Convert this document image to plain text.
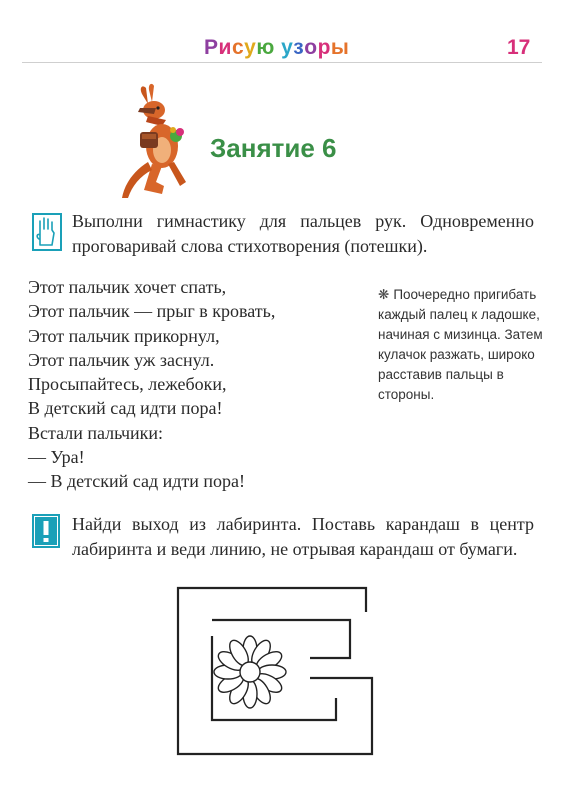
Рисую узоры	17
Занятие 6
Выполни гимнастику для пальцев рук. Одновременно проговаривай слова стихотворения (потешки).
Этот пальчик хочет спать,
Этот пальчик — прыг в кровать,
Этот пальчик прикорнул,
Этот пальчик уж заснул.
Просыпайтесь, лежебоки,
В детский сад идти пора!
Встали пальчики:
— Ура!
— В детский сад идти пора!
❋ Поочередно пригибать каждый палец к ладошке, начиная с мизинца. Затем кулачок разжать, широко расставив пальцы в стороны.
Найди выход из лабиринта. Поставь карандаш в центр лабиринта и веди линию, не отрывая карандаш от бумаги.
